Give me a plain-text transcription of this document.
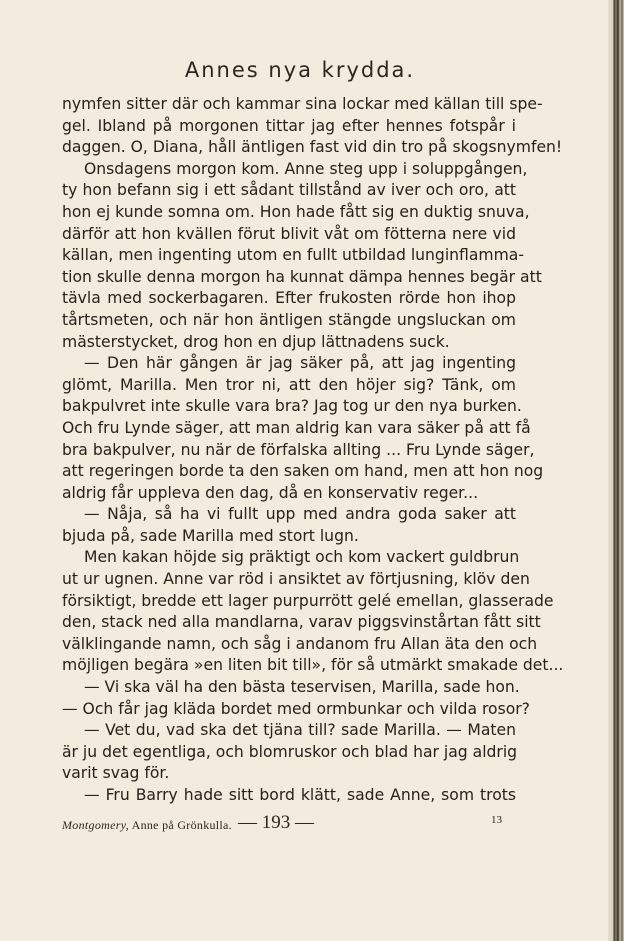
Annes nya krydda.
nymfen sitter där och kammar sina lockar med källan till spe-
gel. Ibland på morgonen tittar jag efter hennes fotspår i
daggen. O, Diana, håll äntligen fast vid din tro på skogsnymfen!
Onsdagens morgon kom. Anne steg upp i soluppgången,
ty hon befann sig i ett sådant tillstånd av iver och oro, att
hon ej kunde somna om. Hon hade fått sig en duktig snuva,
därför att hon kvällen förut blivit våt om fötterna nere vid
källan, men ingenting utom en fullt utbildad lunginflamma-
tion skulle denna morgon ha kunnat dämpa hennes begär att
tävla med sockerbagaren. Efter frukosten rörde hon ihop
tårtsmeten, och när hon äntligen stängde ungsluckan om
mästerstycket, drog hon en djup lättnadens suck.
— Den här gången är jag säker på, att jag ingenting
glömt, Marilla. Men tror ni, att den höjer sig? Tänk, om
bakpulvret inte skulle vara bra? Jag tog ur den nya burken.
Och fru Lynde säger, att man aldrig kan vara säker på att få
bra bakpulver, nu när de förfalska allting ... Fru Lynde säger,
att regeringen borde ta den saken om hand, men att hon nog
aldrig får uppleva den dag, då en konservativ reger...
— Nåja, så ha vi fullt upp med andra goda saker att
bjuda på, sade Marilla med stort lugn.
Men kakan höjde sig präktigt och kom vackert guldbrun
ut ur ugnen. Anne var röd i ansiktet av förtjusning, klöv den
försiktigt, bredde ett lager purpurrött gelé emellan, glasserade
den, stack ned alla mandlarna, varav piggsvinstårtan fått sitt
välklingande namn, och såg i andanom fru Allan äta den och
möjligen begära »en liten bit till», för så utmärkt smakade det...
— Vi ska väl ha den bästa teservisen, Marilla, sade hon.
— Och får jag kläda bordet med ormbunkar och vilda rosor?
— Vet du, vad ska det tjäna till? sade Marilla. — Maten
är ju det egentliga, och blomruskor och blad har jag aldrig
varit svag för.
— Fru Barry hade sitt bord klätt, sade Anne, som trots
Montgomery, Anne på Grönkulla. — 193 —	13
